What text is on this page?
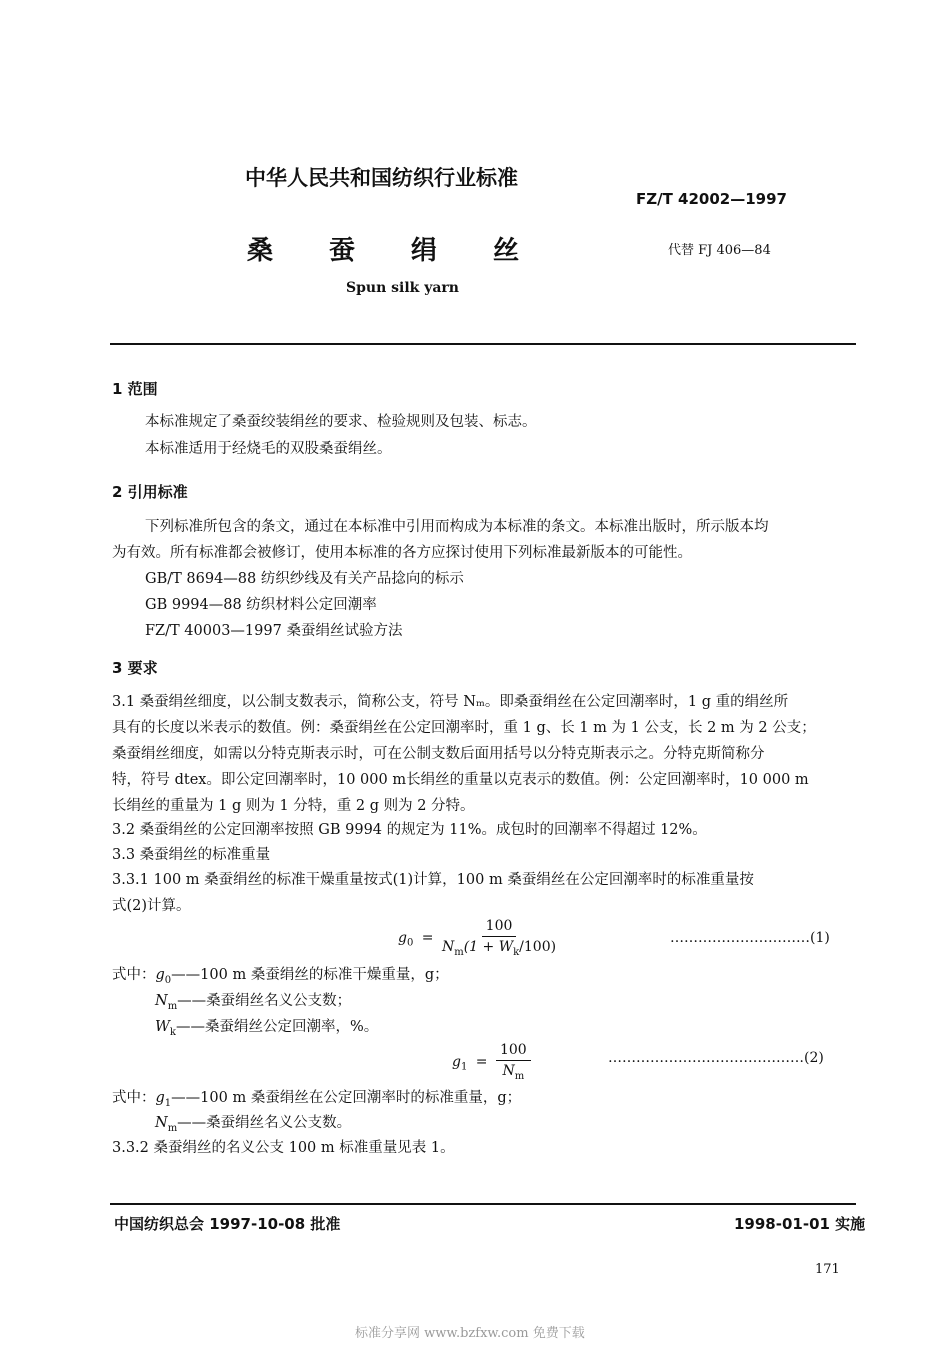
中华人民共和国纺织行业标准
FZ/T 42002—1997
桑蚕绢丝	代替 FJ 406—84
Spun silk yarn
1 范围
本标准规定了桑蚕绞装绢丝的要求、检验规则及包装、标志。
本标准适用于经烧毛的双股桑蚕绢丝。
2 引用标准
下列标准所包含的条文，通过在本标准中引用而构成为本标准的条文。本标准出版时，所示版本均
为有效。所有标准都会被修订，使用本标准的各方应探讨使用下列标准最新版本的可能性。
GB/T 8694—88 纺织纱线及有关产品捻向的标示
GB 9994—88 纺织材料公定回潮率
FZ/T 40003—1997 桑蚕绢丝试验方法
3 要求
3.1 桑蚕绢丝细度，以公制支数表示，简称公支，符号 Nₘ。即桑蚕绢丝在公定回潮率时，1 g 重的绢丝所
具有的长度以米表示的数值。例：桑蚕绢丝在公定回潮率时，重 1 g、长 1 m 为 1 公支，长 2 m 为 2 公支；
桑蚕绢丝细度，如需以分特克斯表示时，可在公制支数后面用括号以分特克斯表示之。分特克斯简称分
特，符号 dtex。即公定回潮率时，10 000 m长绢丝的重量以克表示的数值。例：公定回潮率时，10 000 m
长绢丝的重量为 1 g 则为 1 分特，重 2 g 则为 2 分特。
3.2 桑蚕绢丝的公定回潮率按照 GB 9994 的规定为 11%。成包时的回潮率不得超过 12%。
3.3 桑蚕绢丝的标准重量
3.3.1 100 m 桑蚕绢丝的标准干燥重量按式(1)计算，100 m 桑蚕绢丝在公定回潮率时的标准重量按
式(2)计算。
$g_0 = \frac{100}{N_m(1 + W_k/100)}$	…………………………(1)
式中：$g_0——100$ m 桑蚕绢丝的标准干燥重量，g；
$N_m——$桑蚕绢丝名义公支数；
$W_k——$桑蚕绢丝公定回潮率，%。
$g_1 = \frac{100}{N_m}$	……………………………………(2)
式中：$g_1——100$ m 桑蚕绢丝在公定回潮率时的标准重量，g；
$N_m——$桑蚕绢丝名义公支数。
3.3.2 桑蚕绢丝的名义公支 100 m 标准重量见表 1。
中国纺织总会 1997-10-08 批准	1998-01-01 实施
171
标准分享网 www.bzfxw.com 免费下载
